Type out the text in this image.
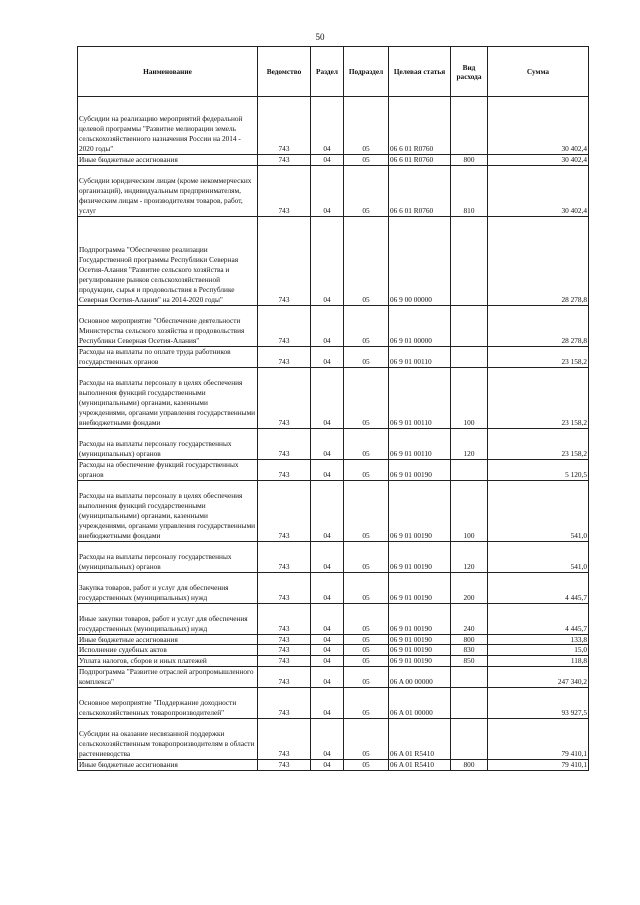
50
Наименование	Ведомство	Раздел	Подраздел	Целевая статья	Вид расхода	Сумма
Субсидии на реализацию мероприятий федеральной целевой программы "Развитие мелиорации земель сельскохозяйственного назначения России на 2014 - 2020 годы"	743	04	05	06 6 01 R0760		30 402,4
Иные бюджетные ассигнования	743	04	05	06 6 01 R0760	800	30 402,4
Субсидии юридическим лицам (кроме некоммерческих организаций), индивидуальным предпринимателям, физическим лицам - производителям товаров, работ, услуг	743	04	05	06 6 01 R0760	810	30 402,4
Подпрограмма "Обеспечение реализации Государственной программы Республики Северная Осетия-Алания "Развитие сельского хозяйства и регулирование рынков сельскохозяйственной продукции, сырья и продовольствия в Республике Северная Осетия-Алания" на 2014-2020 годы"	743	04	05	06 9 00 00000		28 278,8
Основное мероприятие "Обеспечение деятельности Министерства сельского хозяйства и продовольствия Республики Северная Осетия-Алания"	743	04	05	06 9 01 00000		28 278,8
Расходы на выплаты по оплате труда работников государственных органов	743	04	05	06 9 01 00110		23 158,2
Расходы на выплаты персоналу в целях обеспечения выполнения функций государственными (муниципальными) органами, казенными учреждениями, органами управления государственными внебюджетными фондами	743	04	05	06 9 01 00110	100	23 158,2
Расходы на выплаты персоналу государственных (муниципальных) органов	743	04	05	06 9 01 00110	120	23 158,2
Расходы на обеспечение функций государственных органов	743	04	05	06 9 01 00190		5 120,5
Расходы на выплаты персоналу в целях обеспечения выполнения функций государственными (муниципальными) органами, казенными учреждениями, органами управления государственными внебюджетными фондами	743	04	05	06 9 01 00190	100	541,0
Расходы на выплаты персоналу государственных (муниципальных) органов	743	04	05	06 9 01 00190	120	541,0
Закупка товаров, работ и услуг для обеспечения государственных (муниципальных) нужд	743	04	05	06 9 01 00190	200	4 445,7
Иные закупки товаров, работ и услуг для обеспечения государственных (муниципальных) нужд	743	04	05	06 9 01 00190	240	4 445,7
Иные бюджетные ассигнования	743	04	05	06 9 01 00190	800	133,8
Исполнение судебных актов	743	04	05	06 9 01 00190	830	15,0
Уплата налогов, сборов и иных платежей	743	04	05	06 9 01 00190	850	118,8
Подпрограмма "Развитие отраслей агропромышленного комплекса"	743	04	05	06 A 00 00000		247 340,2
Основное мероприятие "Поддержание доходности сельскохозяйственных товаропроизводителей"	743	04	05	06 A 01 00000		93 927,5
Субсидии на оказание несвязанной поддержки сельскохозяйственным товаропроизводителям в области растениеводства	743	04	05	06 A 01 R5410		79 410,1
Иные бюджетные ассигнования	743	04	05	06 A 01 R5410	800	79 410,1
